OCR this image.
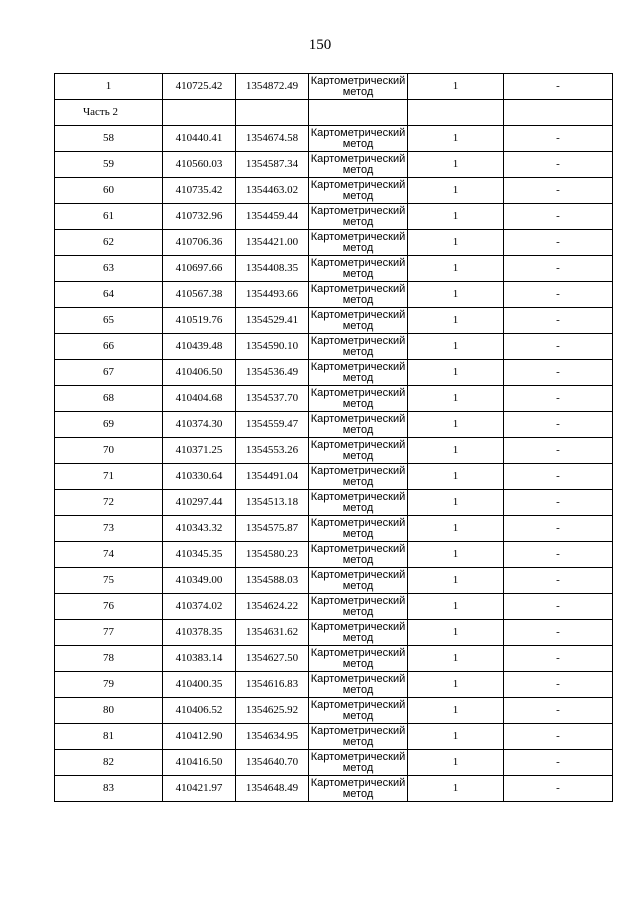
150
1	410725.42	1354872.49	Картометрический метод	1	-
Часть 2					
58	410440.41	1354674.58	Картометрический метод	1	-
59	410560.03	1354587.34	Картометрический метод	1	-
60	410735.42	1354463.02	Картометрический метод	1	-
61	410732.96	1354459.44	Картометрический метод	1	-
62	410706.36	1354421.00	Картометрический метод	1	-
63	410697.66	1354408.35	Картометрический метод	1	-
64	410567.38	1354493.66	Картометрический метод	1	-
65	410519.76	1354529.41	Картометрический метод	1	-
66	410439.48	1354590.10	Картометрический метод	1	-
67	410406.50	1354536.49	Картометрический метод	1	-
68	410404.68	1354537.70	Картометрический метод	1	-
69	410374.30	1354559.47	Картометрический метод	1	-
70	410371.25	1354553.26	Картометрический метод	1	-
71	410330.64	1354491.04	Картометрический метод	1	-
72	410297.44	1354513.18	Картометрический метод	1	-
73	410343.32	1354575.87	Картометрический метод	1	-
74	410345.35	1354580.23	Картометрический метод	1	-
75	410349.00	1354588.03	Картометрический метод	1	-
76	410374.02	1354624.22	Картометрический метод	1	-
77	410378.35	1354631.62	Картометрический метод	1	-
78	410383.14	1354627.50	Картометрический метод	1	-
79	410400.35	1354616.83	Картометрический метод	1	-
80	410406.52	1354625.92	Картометрический метод	1	-
81	410412.90	1354634.95	Картометрический метод	1	-
82	410416.50	1354640.70	Картометрический метод	1	-
83	410421.97	1354648.49	Картометрический метод	1	-
